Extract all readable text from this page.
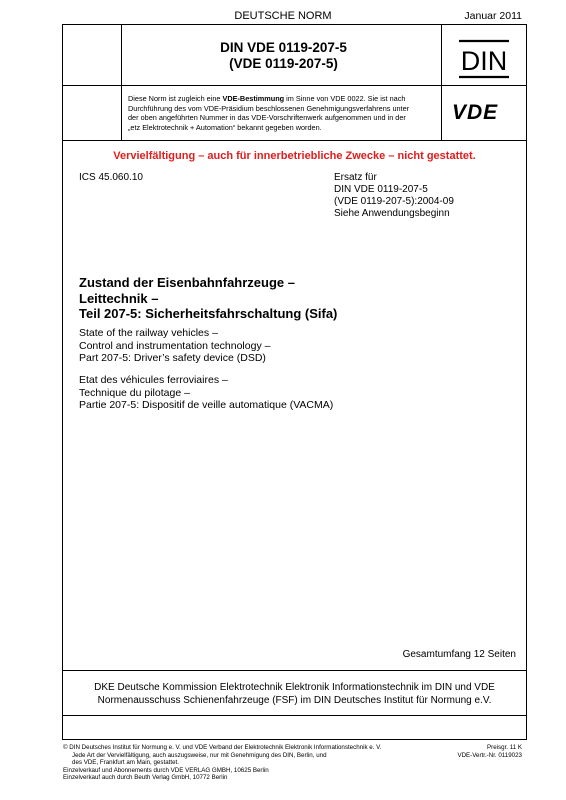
DEUTSCHE NORM	Januar 2011
DIN VDE 0119-207-5
(VDE 0119-207-5)	DIN
Diese Norm ist zugleich eine VDE-Bestimmung im Sinne von VDE 0022. Sie ist nach
Durchführung des vom VDE-Präsidium beschlossenen Genehmigungsverfahrens unter
der oben angeführten Nummer in das VDE-Vorschriftenwerk aufgenommen und in der
„etz Elektrotechnik + Automation“ bekannt gegeben worden.
VDE
Vervielfältigung – auch für innerbetriebliche Zwecke – nicht gestattet.
ICS 45.060.10	Ersatz für
DIN VDE 0119-207-5
(VDE 0119-207-5):2004-09
Siehe Anwendungsbeginn
Zustand der Eisenbahnfahrzeuge –
Leittechnik –
Teil 207-5: Sicherheitsfahrschaltung (Sifa)
State of the railway vehicles –
Control and instrumentation technology –
Part 207-5: Driver’s safety device (DSD)
Etat des véhicules ferroviaires –
Technique du pilotage –
Partie 207-5: Dispositif de veille automatique (VACMA)
Gesamtumfang 12 Seiten
DKE Deutsche Kommission Elektrotechnik Elektronik Informationstechnik im DIN und VDE
Normenausschuss Schienenfahrzeuge (FSF) im DIN Deutsches Institut für Normung e.V.
© DIN Deutsches Institut für Normung e. V. und VDE Verband der Elektrotechnik Elektronik Informationstechnik e. V.
Jede Art der Vervielfältigung, auch auszugsweise, nur mit Genehmigung des DIN, Berlin, und
des VDE, Frankfurt am Main, gestattet.
Einzelverkauf und Abonnements durch VDE VERLAG GMBH, 10625 Berlin
Einzelverkauf auch durch Beuth Verlag GmbH, 10772 Berlin
Preisgr. 11 K
VDE-Vertr.-Nr. 0119023
